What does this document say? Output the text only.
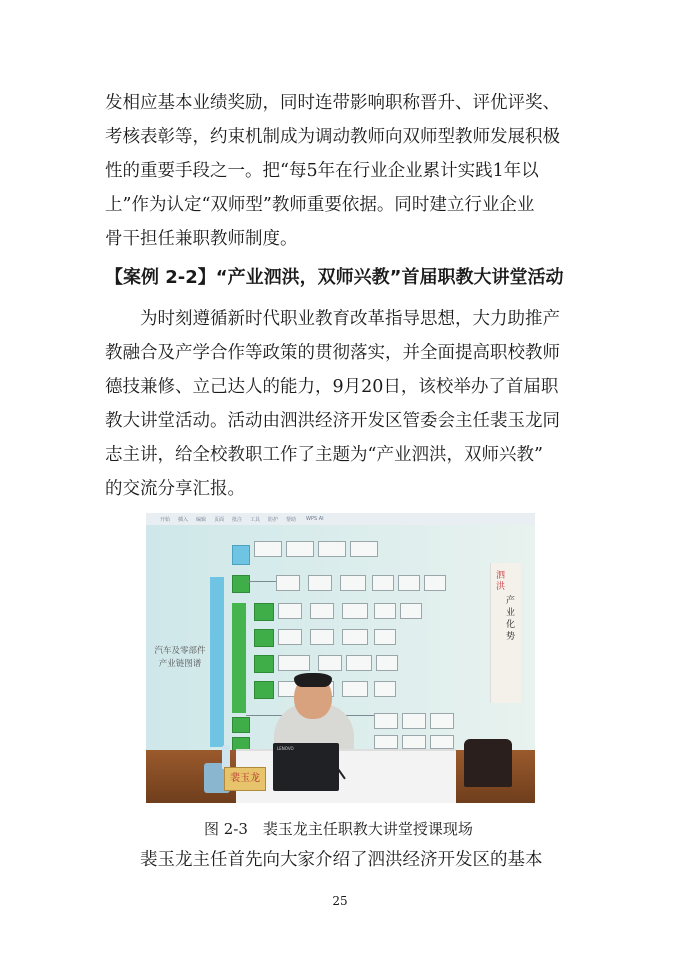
发相应基本业绩奖励，同时连带影响职称晋升、评优评奖、
考核表彰等，约束机制成为调动教师向双师型教师发展积极
性的重要手段之一。把“每5年在行业企业累计实践1年以
上”作为认定“双师型”教师重要依据。同时建立行业企业
骨干担任兼职教师制度。
【案例 2-2】“产业泗洪，双师兴教”首届职教大讲堂活动
为时刻遵循新时代职业教育改革指导思想，大力助推产
教融合及产学合作等政策的贯彻落实，并全面提高职校教师
德技兼修、立己达人的能力，9月20日，该校举办了首届职
教大讲堂活动。活动由泗洪经济开发区管委会主任裴玉龙同
志主讲，给全校教职工作了主题为“产业泗洪，双师兴教”
的交流分享汇报。
开始 插入 编辑 页面 批注 工具 防护 帮助 WPS AI
汽车及零部件
产业链图谱
泗洪
产业化势
LENOVO
裴玉龙
图 2-3　裴玉龙主任职教大讲堂授课现场
裴玉龙主任首先向大家介绍了泗洪经济开发区的基本
25
